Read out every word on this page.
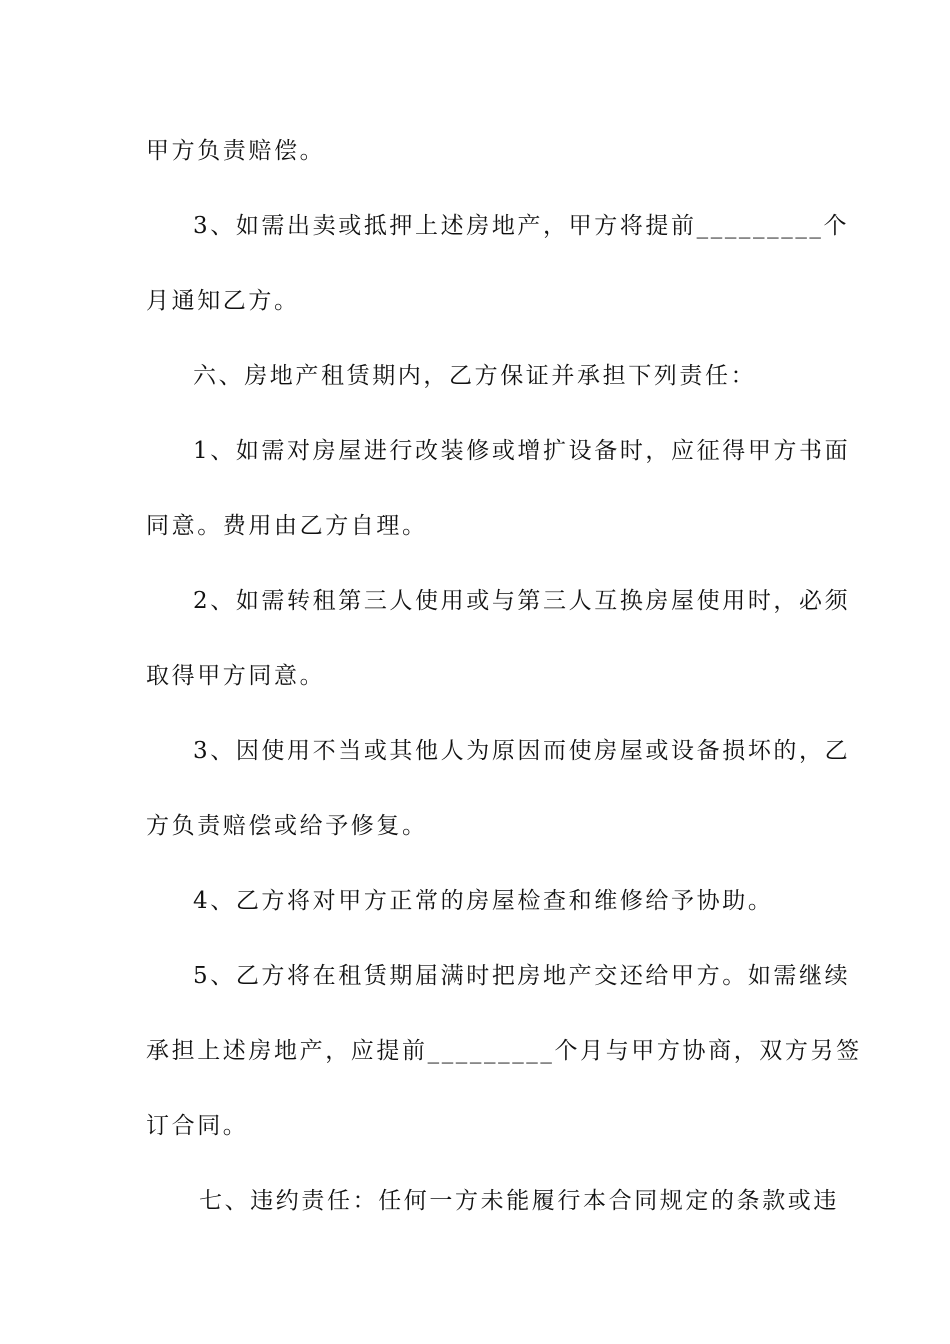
甲方负责赔偿。
3、如需出卖或抵押上述房地产，甲方将提前_________个
月通知乙方。
六、房地产租赁期内，乙方保证并承担下列责任：
1、如需对房屋进行改装修或增扩设备时，应征得甲方书面
同意。费用由乙方自理。
2、如需转租第三人使用或与第三人互换房屋使用时，必须
取得甲方同意。
3、因使用不当或其他人为原因而使房屋或设备损坏的，乙
方负责赔偿或给予修复。
4、乙方将对甲方正常的房屋检查和维修给予协助。
5、乙方将在租赁期届满时把房地产交还给甲方。如需继续
承担上述房地产，应提前_________个月与甲方协商，双方另签
订合同。
七、违约责任：任何一方未能履行本合同规定的条款或违
